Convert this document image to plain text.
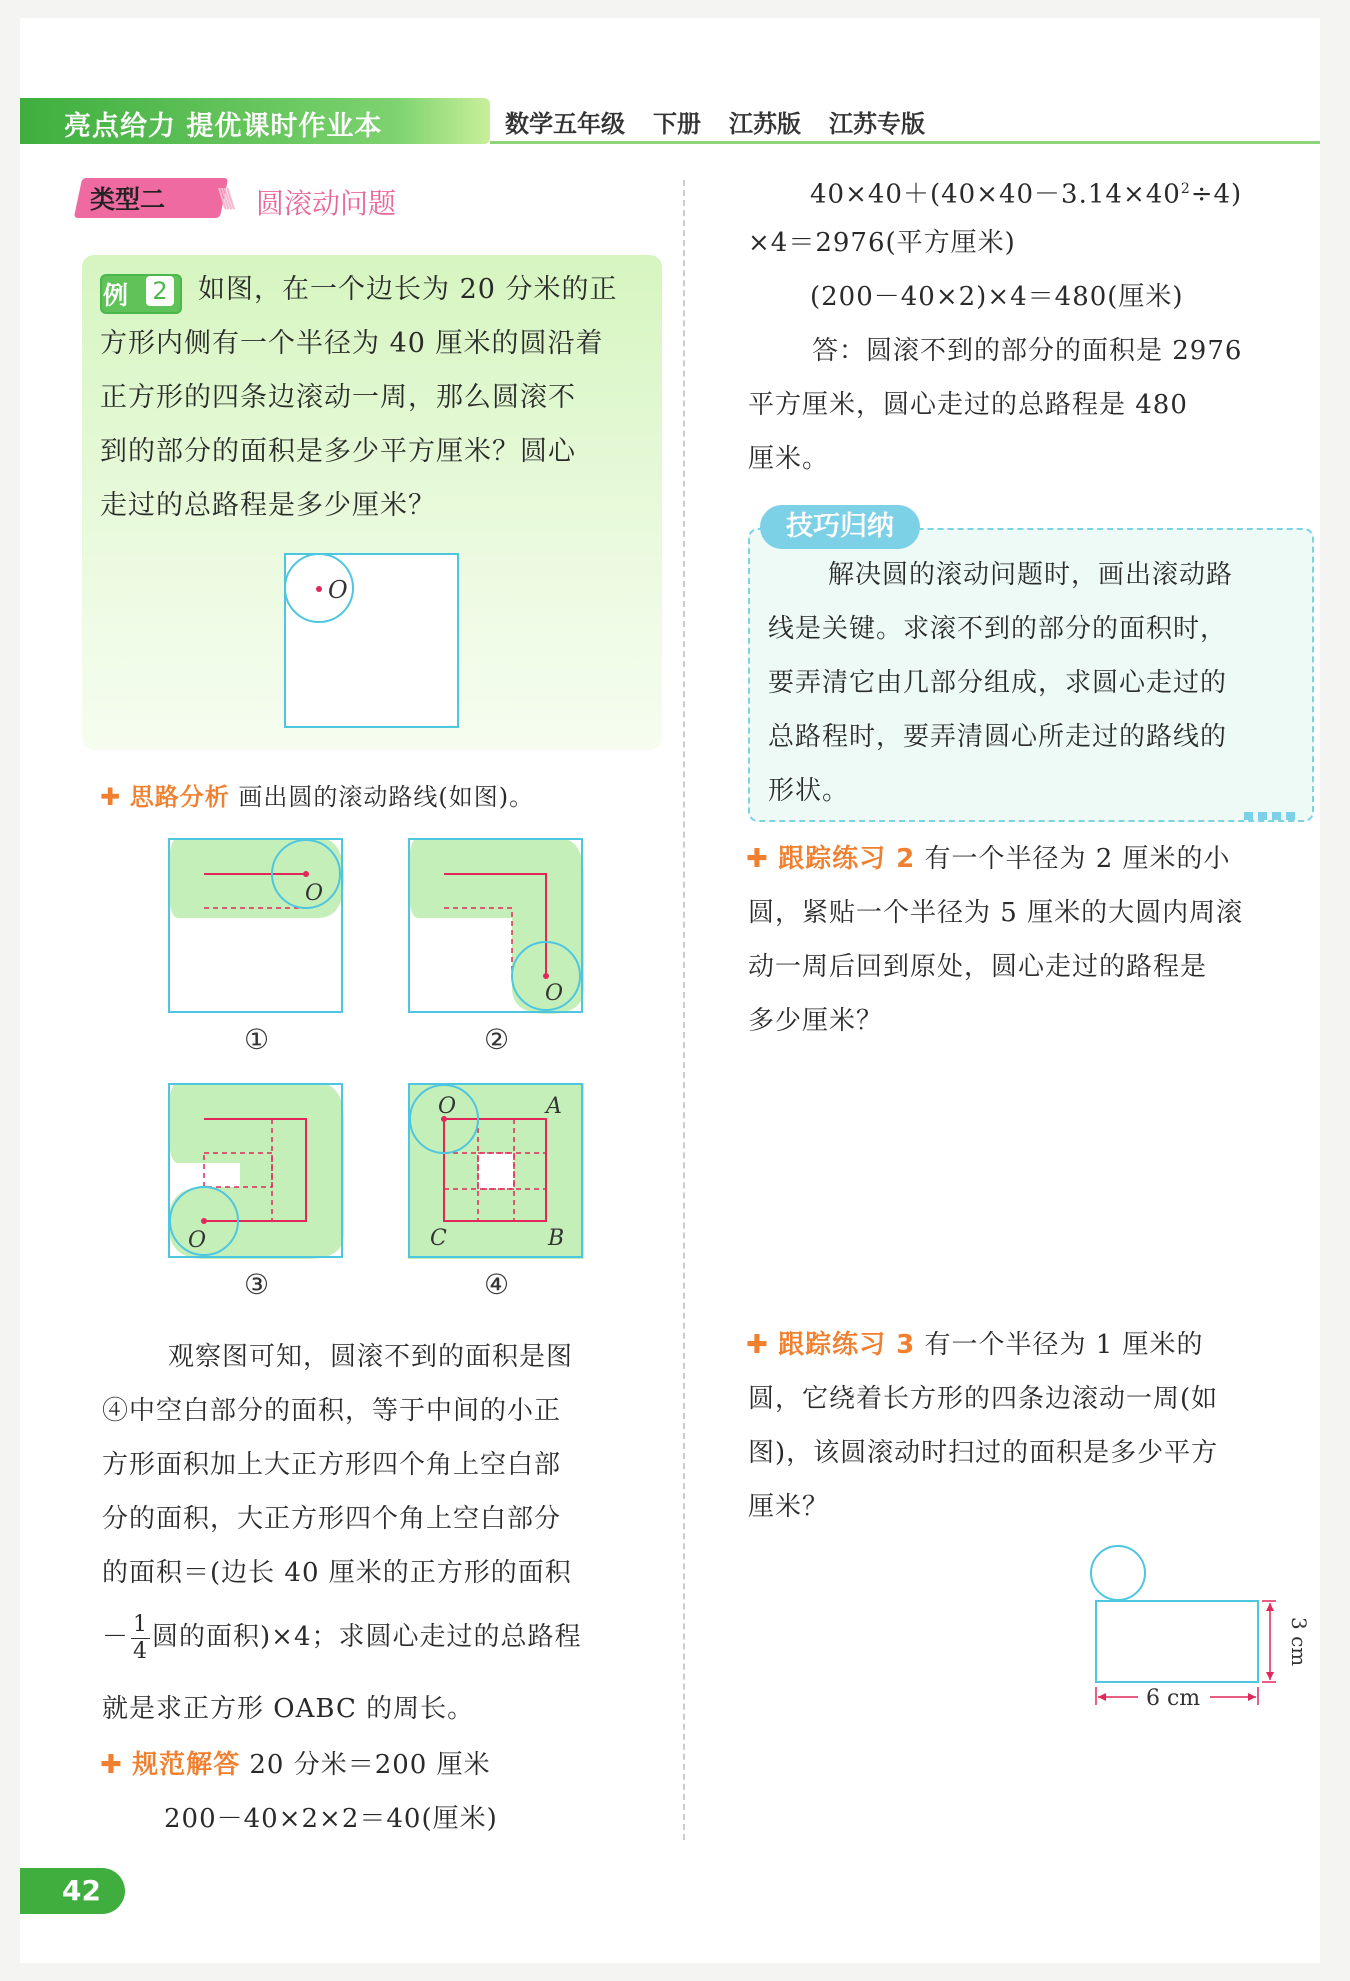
亮点给力 提优课时作业本	数学五年级 下册 江苏版 江苏专版
类型二 \\\\ 圆滚动问题
例 2 如图，在一个边长为 20 分米的正
方形内侧有一个半径为 40 厘米的圆沿着
正方形的四条边滚动一周，那么圆滚不
到的部分的面积是多少平方厘米？圆心
走过的总路程是多少厘米？
O
✚ 思路分析 画出圆的滚动路线(如图)。
O
①
O
②
O
③
O	A
B
C
④
观察图可知，圆滚不到的面积是图
④中空白部分的面积，等于中间的小正
方形面积加上大正方形四个角上空白部
分的面积，大正方形四个角上空白部分
的面积＝(边长 40 厘米的正方形的面积
－ $\frac{1}{4}$ 圆的面积)×4；求圆心走过的总路程
就是求正方形 OABC 的周长。
✚ 规范解答 20 分米＝200 厘米
200－40×2×2＝40(厘米)
$40\times 40+(40\times 40-3.14\times 40^2\div 4)$
×4＝2976(平方厘米)
(200－40×2)×4＝480(厘米)
答：圆滚不到的部分的面积是 2976
平方厘米，圆心走过的总路程是 480
厘米。
技巧归纳
解决圆的滚动问题时，画出滚动路
线是关键。求滚不到的部分的面积时，
要弄清它由几部分组成，求圆心走过的
总路程时，要弄清圆心所走过的路线的
形状。
✚ 跟踪练习 2 有一个半径为 2 厘米的小
圆，紧贴一个半径为 5 厘米的大圆内周滚
动一周后回到原处，圆心走过的路程是
多少厘米？
✚ 跟踪练习 3 有一个半径为 1 厘米的
圆，它绕着长方形的四条边滚动一周(如
图)，该圆滚动时扫过的面积是多少平方
厘米？
6 cm
3 cm
42
